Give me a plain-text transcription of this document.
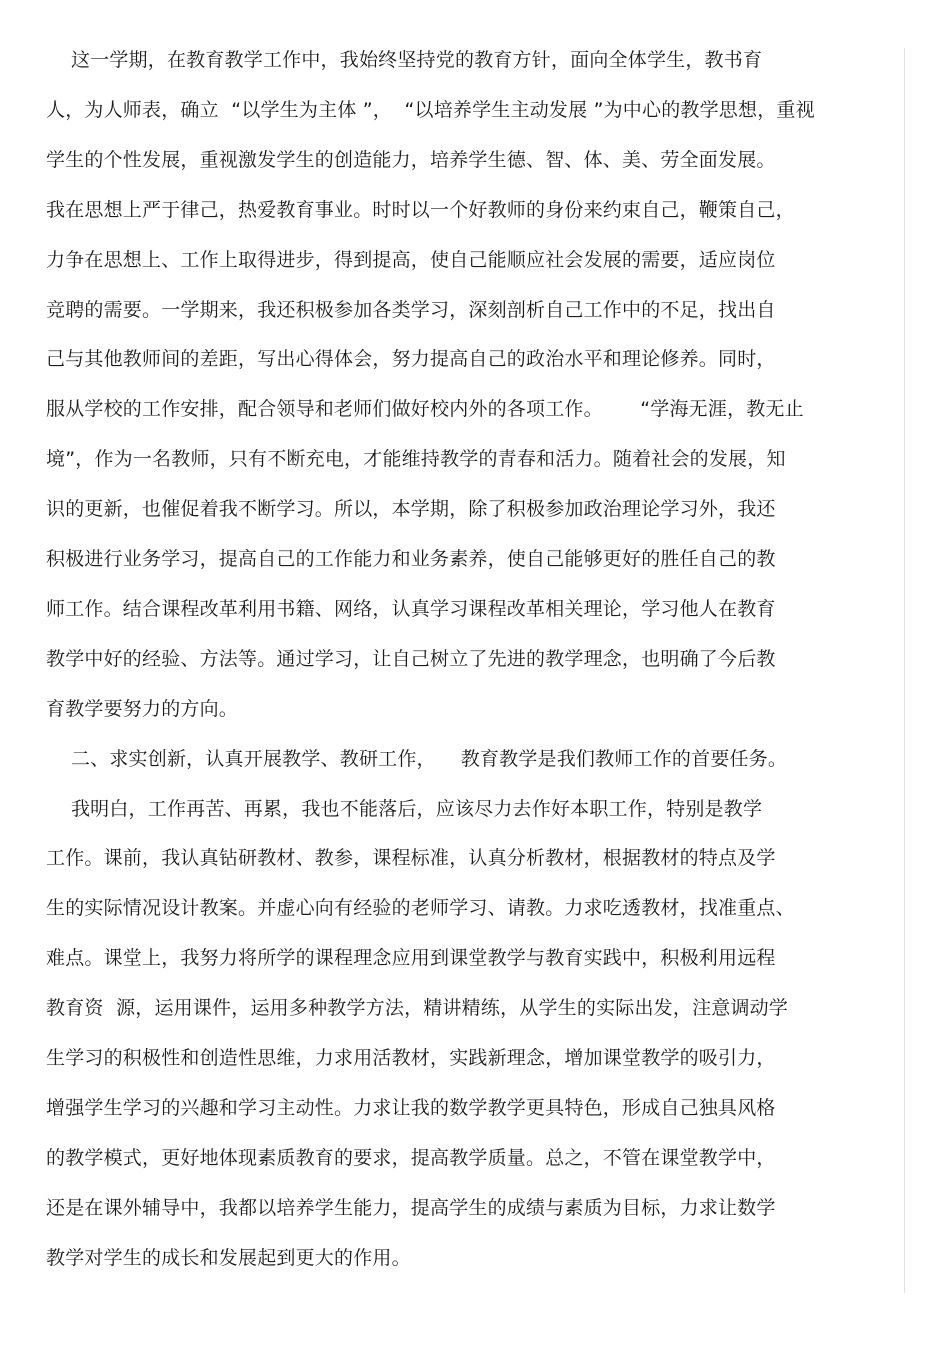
这一学期，在教育教学工作中，我始终坚持党的教育方针，面向全体学生，教书育
人，为人师表，确立  “以学生为主体 ”，  “以培养学生主动发展 ”为中心的教学思想，重视
学生的个性发展，重视激发学生的创造能力，培养学生德、智、体、美、劳全面发展。
我在思想上严于律己，热爱教育事业。时时以一个好教师的身份来约束自己，鞭策自己，
力争在思想上、工作上取得进步，得到提高，使自己能顺应社会发展的需要，适应岗位
竞聘的需要。一学期来，我还积极参加各类学习，深刻剖析自己工作中的不足，找出自
己与其他教师间的差距，写出心得体会，努力提高自己的政治水平和理论修养。同时，
服从学校的工作安排，配合领导和老师们做好校内外的各项工作。      “学海无涯，教无止
境”，作为一名教师，只有不断充电，才能维持教学的青春和活力。随着社会的发展，知
识的更新，也催促着我不断学习。所以，本学期，除了积极参加政治理论学习外，我还
积极进行业务学习，提高自己的工作能力和业务素养，使自己能够更好的胜任自己的教
师工作。结合课程改革利用书籍、网络，认真学习课程改革相关理论，学习他人在教育
教学中好的经验、方法等。通过学习，让自己树立了先进的教学理念，也明确了今后教
育教学要努力的方向。
二、求实创新，认真开展教学、教研工作，    教育教学是我们教师工作的首要任务。
我明白，工作再苦、再累，我也不能落后，应该尽力去作好本职工作，特别是教学
工作。课前，我认真钻研教材、教参，课程标准，认真分析教材，根据教材的特点及学
生的实际情况设计教案。并虚心向有经验的老师学习、请教。力求吃透教材，找准重点、
难点。课堂上，我努力将所学的课程理念应用到课堂教学与教育实践中，积极利用远程
教育资  源，运用课件，运用多种教学方法，精讲精练，从学生的实际出发，注意调动学
生学习的积极性和创造性思维，力求用活教材，实践新理念，增加课堂教学的吸引力，
增强学生学习的兴趣和学习主动性。力求让我的数学教学更具特色，形成自己独具风格
的教学模式，更好地体现素质教育的要求，提高教学质量。总之，不管在课堂教学中，
还是在课外辅导中，我都以培养学生能力，提高学生的成绩与素质为目标，力求让数学
教学对学生的成长和发展起到更大的作用。
